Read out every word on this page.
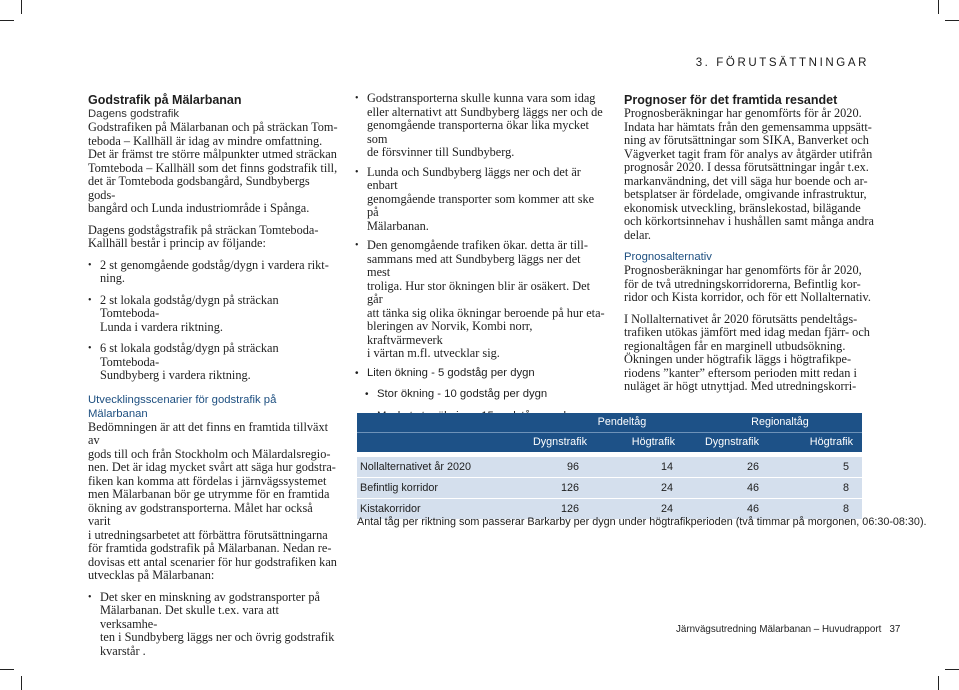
3. FÖRUTSÄTTNINGAR
Godstrafik på Mälarbanan
Dagens godstrafik

Godstrafiken på Mälarbanan och på sträckan Tom-
teboda – Kallhäll är idag av mindre omfattning.
Det är främst tre större målpunkter utmed sträckan
Tomteboda – Kallhäll som det finns godstrafik till,
det är Tomteboda godsbangård, Sundbybergs gods-
bangård och Lunda industriområde i Spånga.

Dagens godstågstrafik på sträckan Tomteboda-
Kallhäll består i princip av följande:

• 2 st genomgående godståg/dygn i vardera rikt-
ning.

• 2 st lokala godståg/dygn på sträckan Tomteboda-
Lunda i vardera riktning.

• 6 st lokala godståg/dygn på sträckan Tomteboda-
Sundbyberg i vardera riktning.

Utvecklingsscenarier för godstrafik på Mälarbanan

Bedömningen är att det finns en framtida tillväxt av
gods till och från Stockholm och Mälardalsregio-
nen. Det är idag mycket svårt att säga hur godstra-
fiken kan komma att fördelas i järnvägssystemet
men Mälarbanan bör ge utrymme för en framtida
ökning av godstransporterna. Målet har också varit
i utredningsarbetet att förbättra förutsättningarna
för framtida godstrafik på Mälarbanan. Nedan re-
dovisas ett antal scenarier för hur godstrafiken kan
utvecklas på Mälarbanan:

• Det sker en minskning av godstransporter på
Mälarbanan. Det skulle t.ex. vara att verksamhe-
ten i Sundbyberg läggs ner och övrig godstrafik
kvarstår .

• Godstransporterna skulle kunna vara som idag
eller alternativt att Sundbyberg läggs ner och de
genomgående transporterna ökar lika mycket som
de försvinner till Sundbyberg.

• Lunda och Sundbyberg läggs ner och det är enbart
genomgående transporter som kommer att ske på
Mälarbanan.

• Den genomgående trafiken ökar. detta är till-
sammans med att Sundbyberg läggs ner det mest
troliga. Hur stor ökningen blir är osäkert. Det går
att tänka sig olika ökningar beroende på hur eta-
bleringen av Norvik, Kombi norr, kraftvärmeverk
i värtan m.fl. utvecklar sig.

• Liten ökning - 5 godståg per dygn

• Stor ökning - 10 godståg per dygn

•

Prognoser för det framtida resandet

Prognosberäkningar har genomförts för år 2020.
Indata har hämtats från den gemensamma uppsätt-
ning av förutsättningar som SIKA, Banverket och
Vägverket tagit fram för analys av åtgärder utifrån
prognosår 2020. I dessa förutsättningar ingår t.ex.
markanvändning, det vill säga hur boende och ar-
betsplatser är fördelade, omgivande infrastruktur,
ekonomisk utveckling, bränslekostad, bilägande
och körkortsinnehav i hushållen samt många andra
delar.

Prognosalternativ

Prognosberäkningar har genomförts för år 2020,
för de två utredningskorridorerna, Befintlig kor-
ridor och Kista korridor, och för ett Nollalternativ.

I Nollalternativet år 2020 förutsätts pendeltågs-
trafiken utökas jämfört med idag medan fjärr- och
regionaltågen får en marginell utbudsökning.
Ökningen under högtrafik läggs i högtrafikpe-
riodens ”kanter” eftersom perioden mitt redan i
nuläget är högt utnyttjad. Med utredningskorri-

Pendeltåg	Regionaltåg
Dygnstrafik	Högtrafik	Dygnstrafik	Högtrafik
Nollalternativet år 2020	96	14	26	5
Befintlig korridor	126	24	46	8
Kistakorridor	126	24	46	8
Antal tåg per riktning som passerar Barkarby per dygn under högtrafikperioden (två timmar på morgonen, 06:30-08:30).
Järnvägsutredning Mälarbanan – Huvudrapport   37
